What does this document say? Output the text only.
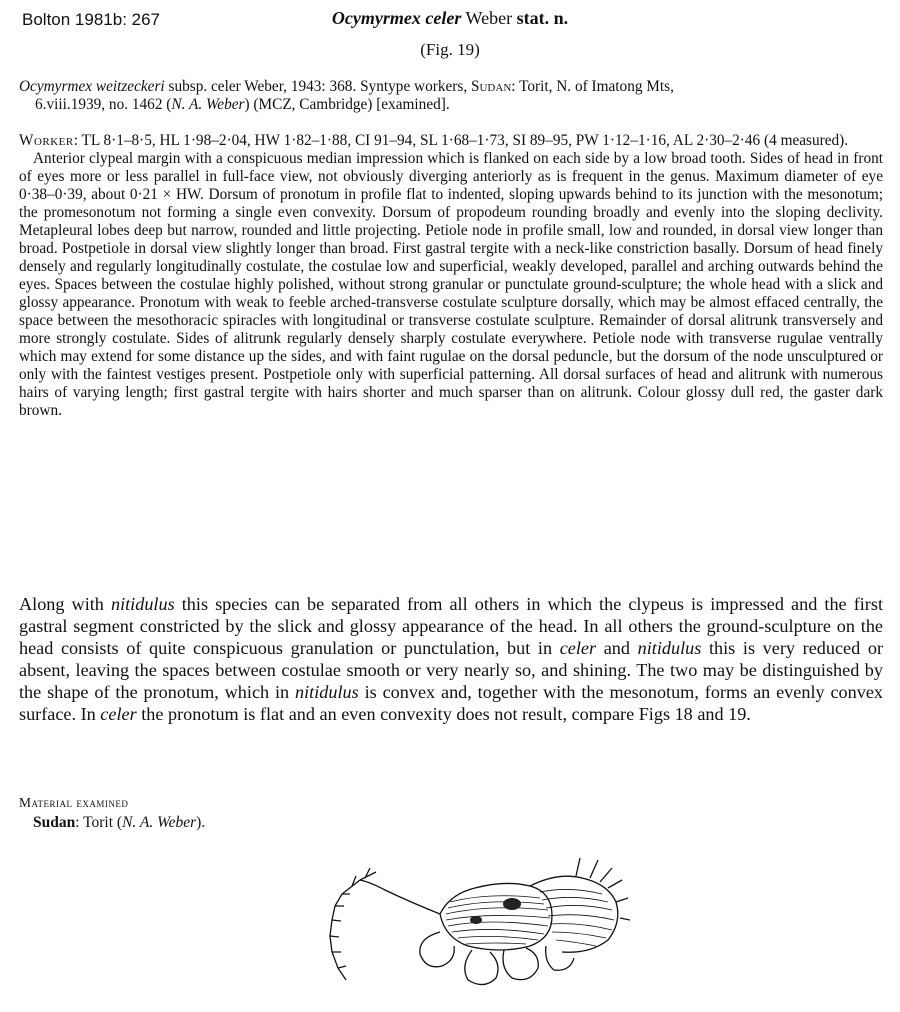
Bolton 1981b: 267	Ocymyrmex celer Weber stat. n.
(Fig. 19)
Ocymyrmex weitzeckeri subsp. celer Weber, 1943: 368. Syntype workers, Sudan: Torit, N. of Imatong Mts,
6.viii.1939, no. 1462 (N. A. Weber) (MCZ, Cambridge) [examined].
Worker: TL 8·1–8·5, HL 1·98–2·04, HW 1·82–1·88, CI 91–94, SL 1·68–1·73, SI 89–95, PW 1·12–1·16, AL 2·30–2·46 (4 measured).
Anterior clypeal margin with a conspicuous median impression which is flanked on each side by a low broad tooth. Sides of head in front of eyes more or less parallel in full-face view, not obviously diverging anteriorly as is frequent in the genus. Maximum diameter of eye 0·38–0·39, about 0·21 × HW. Dorsum of pronotum in profile flat to indented, sloping upwards behind to its junction with the mesonotum; the promesonotum not forming a single even convexity. Dorsum of propodeum rounding broadly and evenly into the sloping declivity. Metapleural lobes deep but narrow, rounded and little projecting. Petiole node in profile small, low and rounded, in dorsal view longer than broad. Postpetiole in dorsal view slightly longer than broad. First gastral tergite with a neck-like constriction basally. Dorsum of head finely densely and regularly longitudinally costulate, the costulae low and superficial, weakly developed, parallel and arching outwards behind the eyes. Spaces between the costulae highly polished, without strong granular or punctulate ground-sculpture; the whole head with a slick and glossy appearance. Pronotum with weak to feeble arched-transverse costulate sculpture dorsally, which may be almost effaced centrally, the space between the mesothoracic spiracles with longitudinal or transverse costulate sculpture. Remainder of dorsal alitrunk transversely and more strongly costulate. Sides of alitrunk regularly densely sharply costulate everywhere. Petiole node with transverse rugulae ventrally which may extend for some distance up the sides, and with faint rugulae on the dorsal peduncle, but the dorsum of the node unsculptured or only with the faintest vestiges present. Postpetiole only with superficial patterning. All dorsal surfaces of head and alitrunk with numerous hairs of varying length; first gastral tergite with hairs shorter and much sparser than on alitrunk. Colour glossy dull red, the gaster dark brown.
Along with nitidulus this species can be separated from all others in which the clypeus is impressed and the first gastral segment constricted by the slick and glossy appearance of the head. In all others the ground-sculpture on the head consists of quite conspicuous granulation or punctulation, but in celer and nitidulus this is very reduced or absent, leaving the spaces between costulae smooth or very nearly so, and shining. The two may be distinguished by the shape of the pronotum, which in nitidulus is convex and, together with the mesonotum, forms an evenly convex surface. In celer the pronotum is flat and an even convexity does not result, compare Figs 18 and 19.
Material examined
Sudan: Torit (N. A. Weber).
